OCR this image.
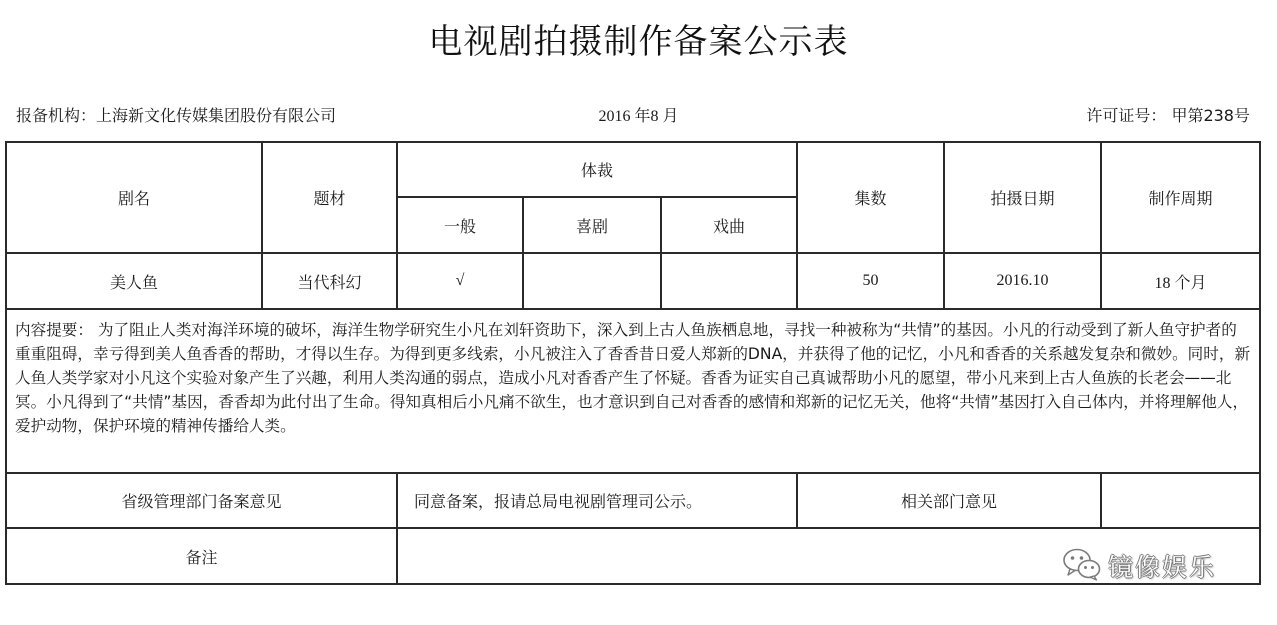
电视剧拍摄制作备案公示表
报备机构：上海新文化传媒集团股份有限公司	2016 年8 月	许可证号： 甲第238号
剧名	题材	体裁			集数	拍摄日期	制作周期
		一般	喜剧	戏曲			
美人鱼	当代科幻	√			50	2016.10	18 个月
内容提要： 为了阻止人类对海洋环境的破坏，海洋生物学研究生小凡在刘轩资助下，深入到上古人鱼族栖息地，寻找一种被称为“共情”的基因。小凡的行动受到了新人鱼守护者的重重阻碍，幸亏得到美人鱼香香的帮助，才得以生存。为得到更多线索，小凡被注入了香香昔日爱人郑新的DNA，并获得了他的记忆，小凡和香香的关系越发复杂和微妙。同时，新人鱼人类学家对小凡这个实验对象产生了兴趣，利用人类沟通的弱点，造成小凡对香香产生了怀疑。香香为证实自己真诚帮助小凡的愿望，带小凡来到上古人鱼族的长老会——北冥。小凡得到了“共情”基因，香香却为此付出了生命。得知真相后小凡痛不欲生，也才意识到自己对香香的感情和郑新的记忆无关，他将“共情”基因打入自己体内，并将理解他人，爱护动物，保护环境的精神传播给人类。							
省级管理部门备案意见		同意备案，报请总局电视剧管理司公示。			相关部门意见		
备注								镜像娱乐
